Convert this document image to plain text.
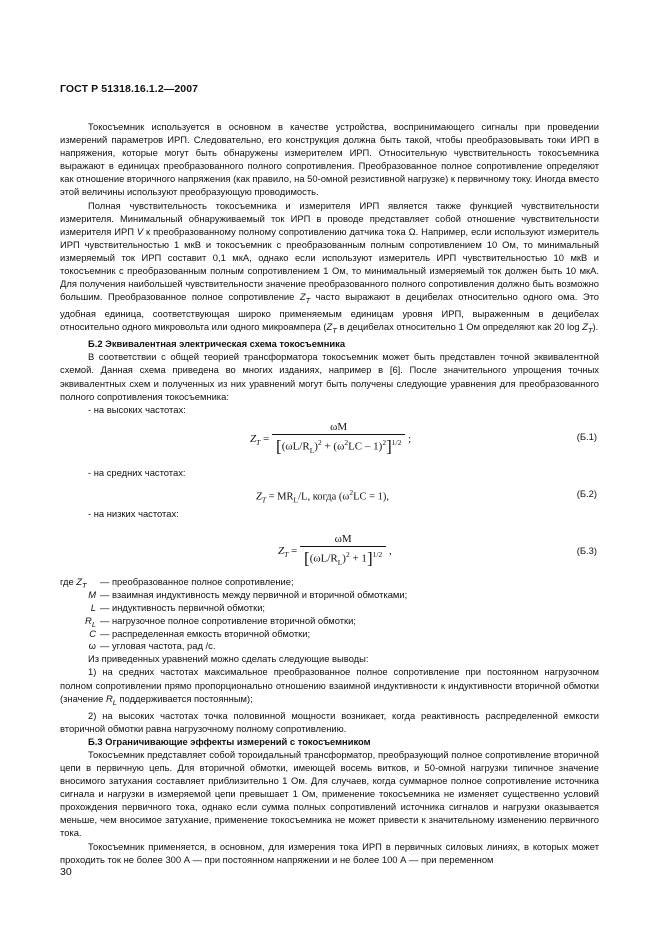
ГОСТ Р 51318.16.1.2—2007

Токосъемник используется в основном в качестве устройства, воспринимающего сигналы при проведении измерений параметров ИРП. Следовательно, его конструкция должна быть такой, чтобы преобразовывать токи ИРП в напряжения, которые могут быть обнаружены измерителем ИРП. Относительную чувствительность токосъемника выражают в единицах преобразованного полного сопротивления. Преобразованное полное сопротивление определяют как отношение вторичного напряжения (как правило, на 50-омной резистивной нагрузке) к первичному току. Иногда вместо этой величины используют преобразующую проводимость.

Полная чувствительность токосъемника и измерителя ИРП является также функцией чувствительности измерителя. Минимальный обнаруживаемый ток ИРП в проводе представляет собой отношение чувствительности измерителя ИРП V к преобразованному полному сопротивлению датчика тока Ω. Например, если используют измеритель ИРП чувствительностью 1 мкВ и токосъемник с преобразованным полным сопротивлением 10 Ом, то минимальный измеряемый ток ИРП составит 0,1 мкА, однако если используют измеритель ИРП чувствительностью 10 мкВ и токосъемник с преобразованным полным сопротивлением 1 Ом, то минимальный измеряемый ток должен быть 10 мкА. Для получения наибольшей чувствительности значение преобразованного полного сопротивления должно быть возможно большим. Преобразованное полное сопротивление $Z_T$ часто выражают в децибелах относительно одного ома. Это удобная единица, соответствующая широко применяемым единицам уровня ИРП, выраженным в децибелах относительно одного микровольта или одного микроампера ($Z_T$ в децибелах относительно 1 Ом определяют как 20 $\log Z_T$).

Б.2 Эквивалентная электрическая схема токосъемника

В соответствии с общей теорией трансформатора токосъемник может быть представлен точной эквивалентной схемой. Данная схема приведена во многих изданиях, например в [6]. После значительного упрощения точных эквивалентных схем и полученных из них уравнений могут быть получены следующие уравнения для преобразованного полного сопротивления токосъемника:

- на высоких частотах:

$Z_T = \frac{\omega M}{[(\omega L/R_L)^2 + (\omega^2LC - 1)^2]^{1/2}}$ ;	(Б.1)

- на средних частотах:

$Z_T = MR_L/L$, когда $(\omega^2LC = 1)$,	(Б.2)

- на низких частотах:

$Z_T = \frac{\omega M}{[(\omega L/R_L)^2 + 1]^{1/2}}$ ,	(Б.3)
где $Z_T$ — преобразованное полное сопротивление;
M — взаимная индуктивность между первичной и вторичной обмотками;
L — индуктивность первичной обмотки;
$R_L$ — нагрузочное полное сопротивление вторичной обмотки;
C — распределенная емкость вторичной обмотки;
ω — угловая частота, рад /с.

Из приведенных уравнений можно сделать следующие выводы:

1) на средних частотах максимальное преобразованное полное сопротивление при постоянном нагрузочном полном сопротивлении прямо пропорционально отношению взаимной индуктивности к индуктивности вторичной обмотки (значение $R_L$ поддерживается постоянным);

2) на высоких частотах точка половинной мощности возникает, когда реактивность распределенной емкости вторичной обмотки равна нагрузочному полному сопротивлению.

Б.3 Ограничивающие эффекты измерений с токосъемником

Токосъемник представляет собой тороидальный трансформатор, преобразующий полное сопротивление вторичной цепи в первичную цепь. Для вторичной обмотки, имеющей восемь витков, и 50-омной нагрузки типичное значение вносимого затухания составляет приблизительно 1 Ом. Для случаев, когда суммарное полное сопротивление источника сигнала и нагрузки в измеряемой цепи превышает 1 Ом, применение токосъемника не изменяет существенно условий прохождения первичного тока, однако если сумма полных сопротивлений источника сигналов и нагрузки оказывается меньше, чем вносимое затухание, применение токосъемника не может привести к значительному изменению первичного тока.

Токосъемник применяется, в основном, для измерения тока ИРП в первичных силовых линиях, в которых может проходить ток не более 300 А — при постоянном напряжении и не более 100 А — при переменном

30
